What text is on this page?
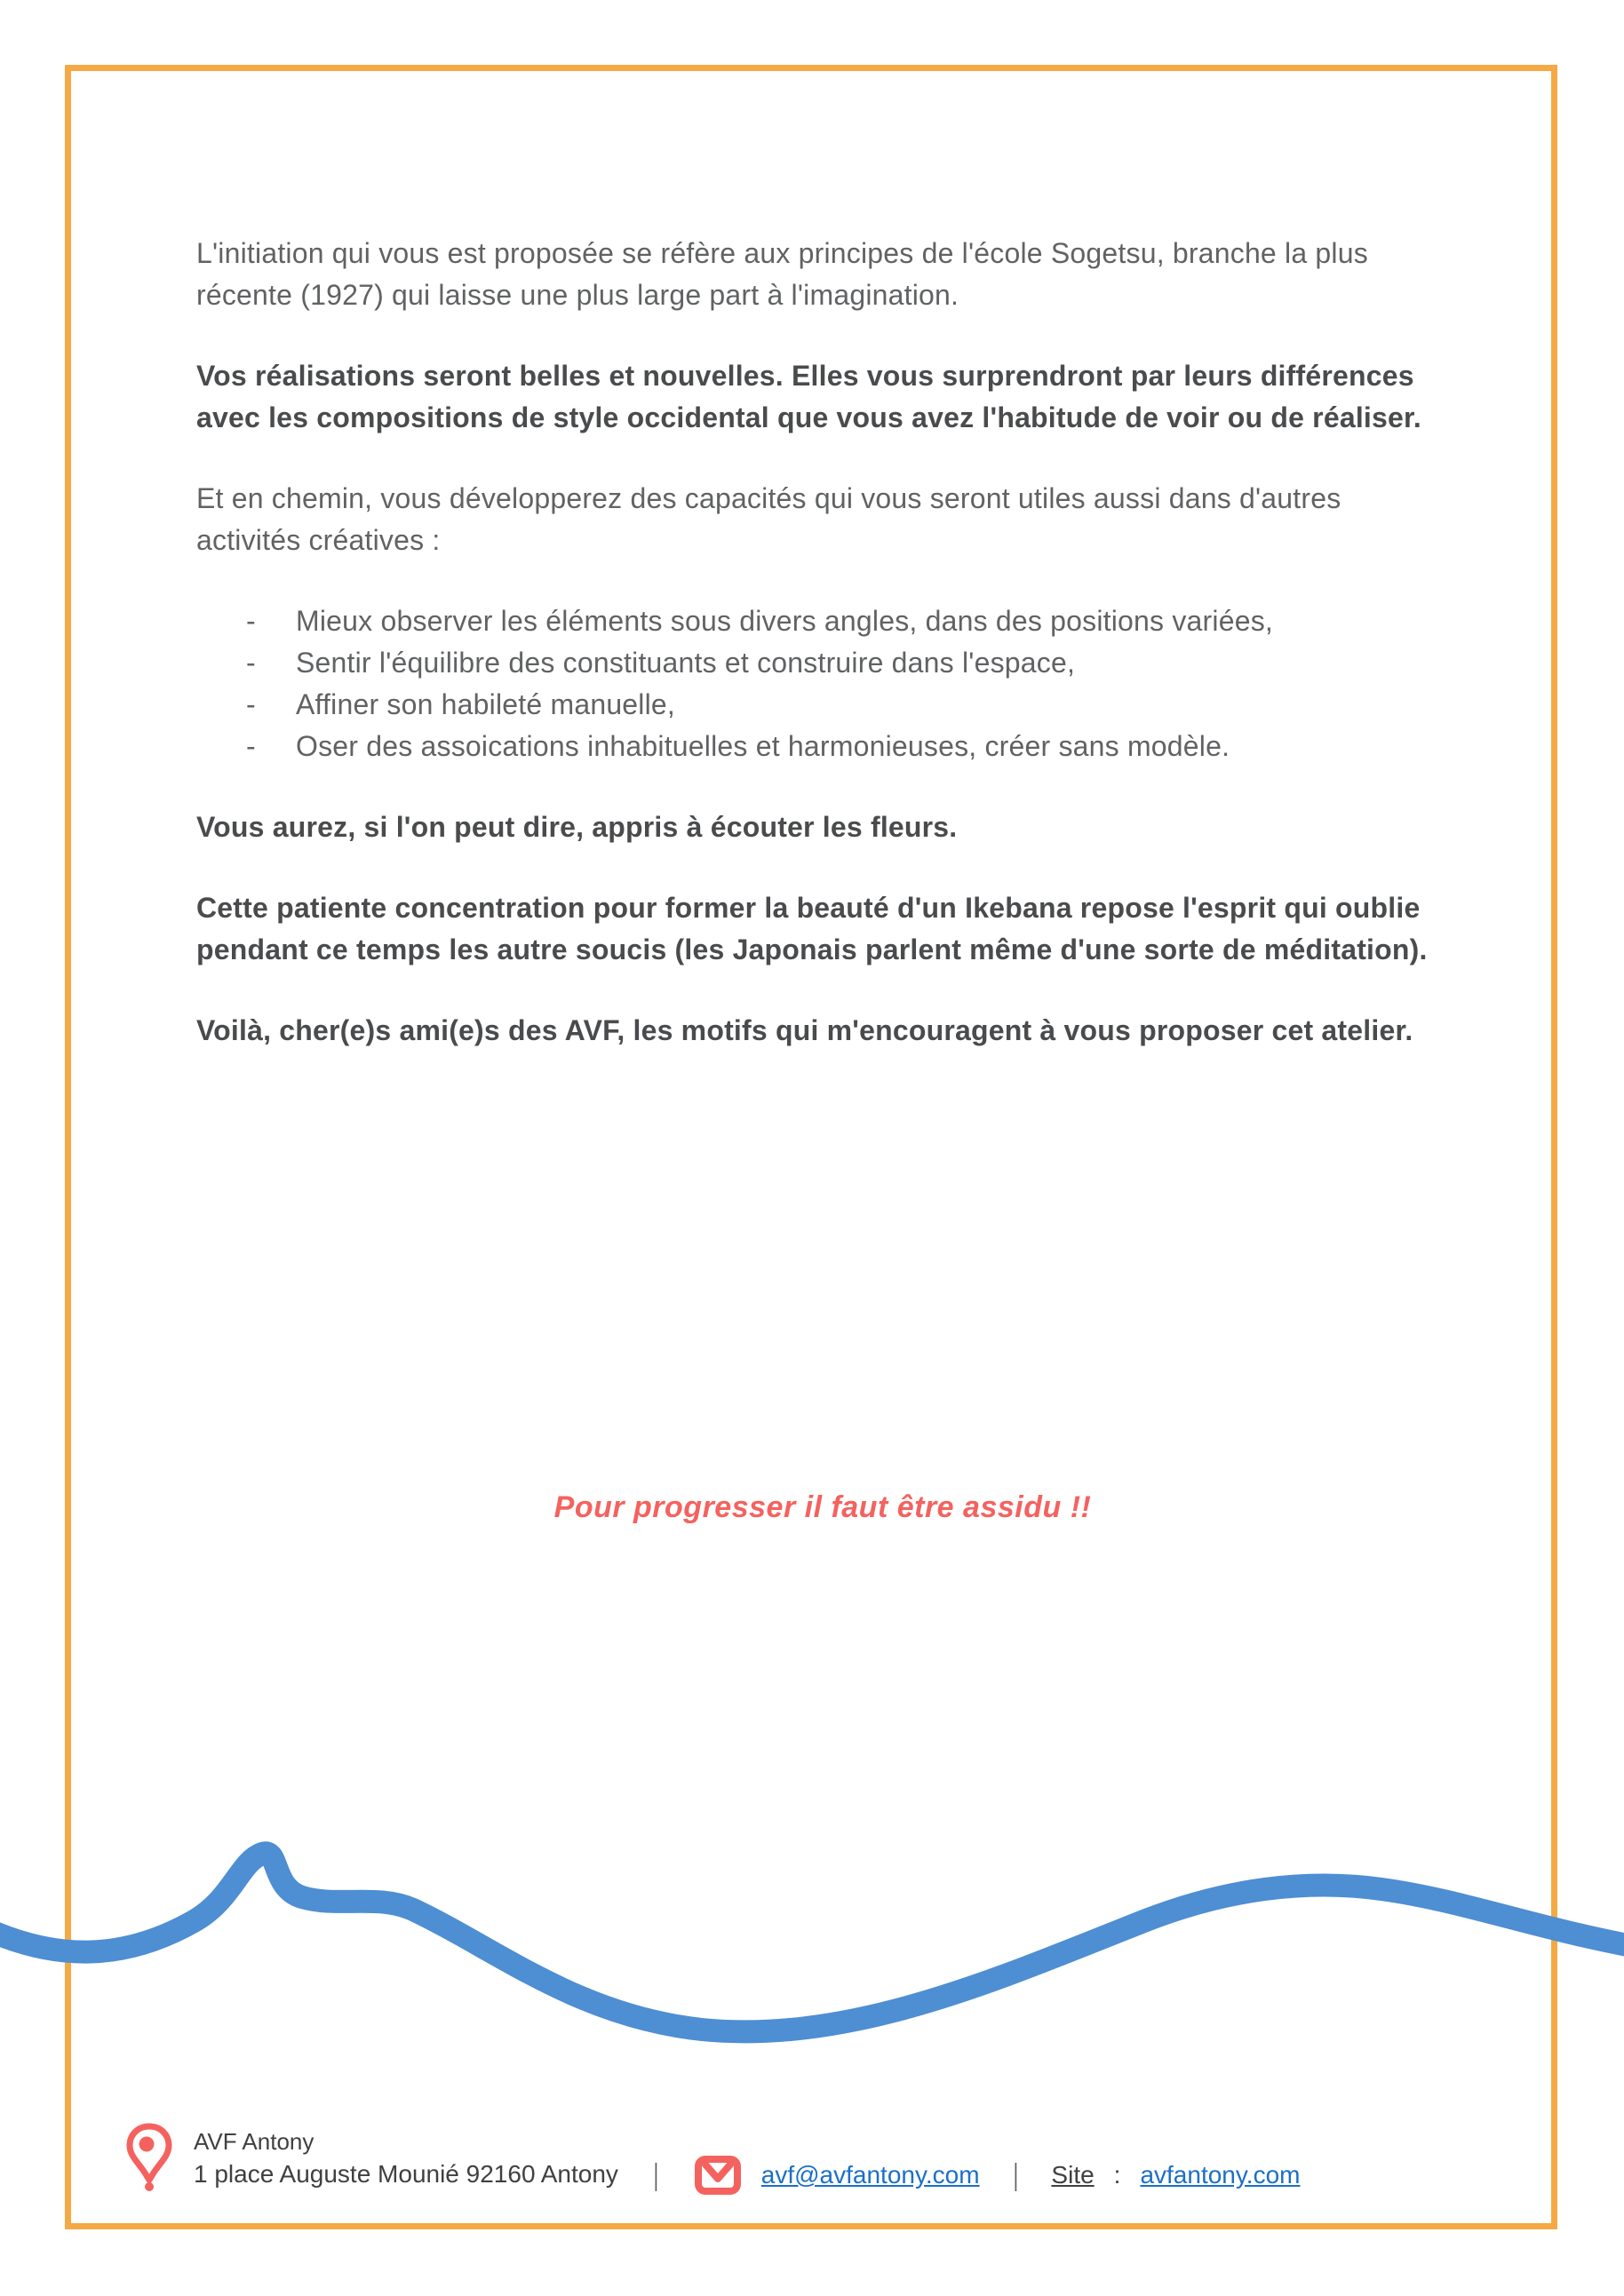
L'initiation qui vous est proposée se réfère aux principes de l'école Sogetsu, branche la plus récente (1927) qui laisse une plus large part à l'imagination.

Vos réalisations seront belles et nouvelles. Elles vous surprendront par leurs différences avec les compositions de style occidental que vous avez l'habitude de voir ou de réaliser.

Et en chemin, vous développerez des capacités qui vous seront utiles aussi dans d'autres activités créatives :

- Mieux observer les éléments sous divers angles, dans des positions variées,
- Sentir l'équilibre des constituants et construire dans l'espace,
- Affiner son habileté manuelle,
- Oser des assoications inhabituelles et harmonieuses, créer sans modèle.

Vous aurez, si l'on peut dire, appris à écouter les fleurs.

Cette patiente concentration pour former la beauté d'un Ikebana repose l'esprit qui oublie pendant ce temps les autre soucis (les Japonais parlent même d'une sorte de méditation).

Voilà, cher(e)s ami(e)s des AVF, les motifs qui m'encouragent à vous proposer cet atelier.

Pour progresser il faut être assidu !!
AVF Antony
1 place Auguste Mounié 92160 Antony |	avf@avfantony.com | Site : avfantony.com
